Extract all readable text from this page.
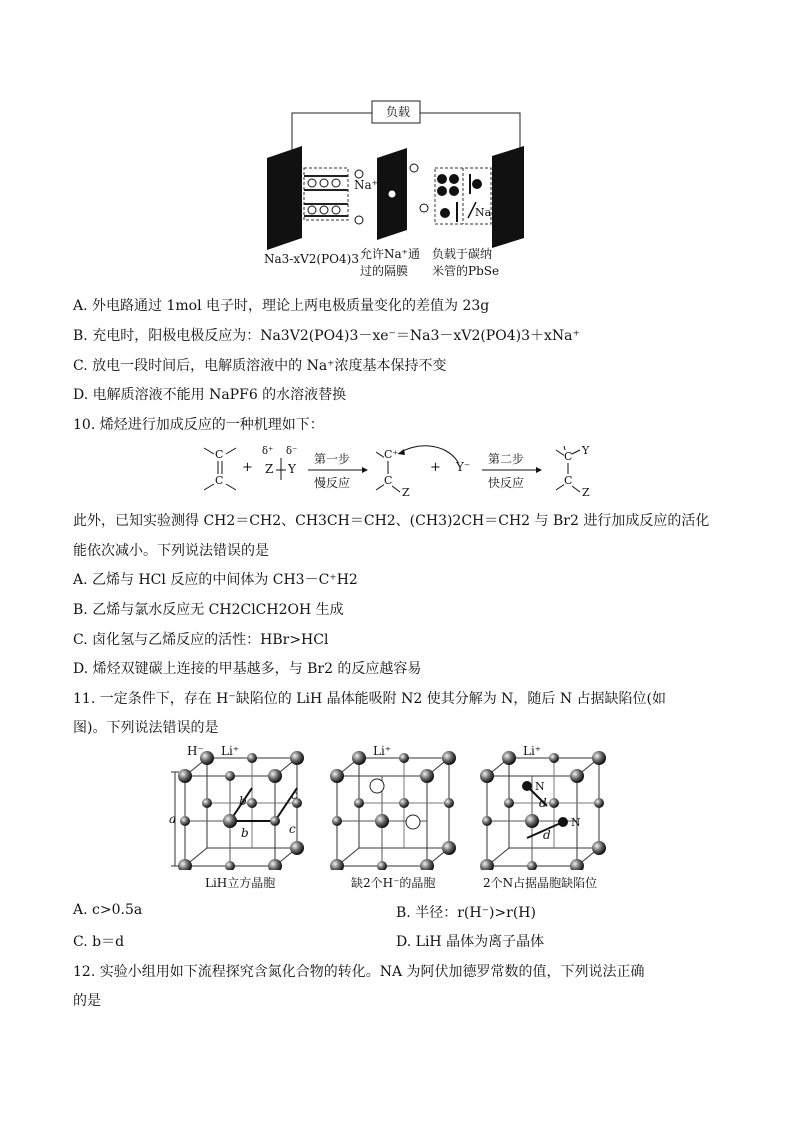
负载
Na⁺
Na
Na3-xV2(PO4)3 允许Na⁺通
过的隔膜
负载于碳纳
米管的PbSe
A. 外电路通过 1mol 电子时，理论上两电极质量变化的差值为 23g
B. 充电时，阳极电极反应为：Na3V2(PO4)3－xe⁻＝Na3－xV2(PO4)3＋xNa⁺
C. 放电一段时间后，电解质溶液中的 Na⁺浓度基本保持不变
D. 电解质溶液不能用 NaPF6 的水溶液替换
10. 烯烃进行加成反应的一种机理如下：
C
C
+
δ⁺ δ⁻
Z Y
第一步
慢反应
C⁺
C
Z
+ Y⁻
第二步
快反应
C
C
Y
Z
此外，已知实验测得 CH2＝CH2、CH3CH＝CH2、(CH3)2CH＝CH2 与 Br2 进行加成反应的活化
能依次减小。下列说法错误的是
A. 乙烯与 HCl 反应的中间体为 CH3－C⁺H2
B. 乙烯与氯水反应无 CH2ClCH2OH 生成
C. 卤化氢与乙烯反应的活性：HBr>HCl
D. 烯烃双键碳上连接的甲基越多，与 Br2 的反应越容易
11. 一定条件下，存在 H⁻缺陷位的 LiH 晶体能吸附 N2 使其分解为 N，随后 N 占据缺陷位(如
图)。下列说法错误的是
H⁻ Li⁺
a
b
b
c
c
Li⁺	Li⁺
N
N
d
d
LiH立方晶胞	缺2个H⁻的晶胞	2个N占据晶胞缺陷位
A. c>0.5a	B. 半径：r(H⁻)>r(H)
C. b＝d	D. LiH 晶体为离子晶体
12. 实验小组用如下流程探究含氮化合物的转化。NA 为阿伏加德罗常数的值，下列说法正确
的是
